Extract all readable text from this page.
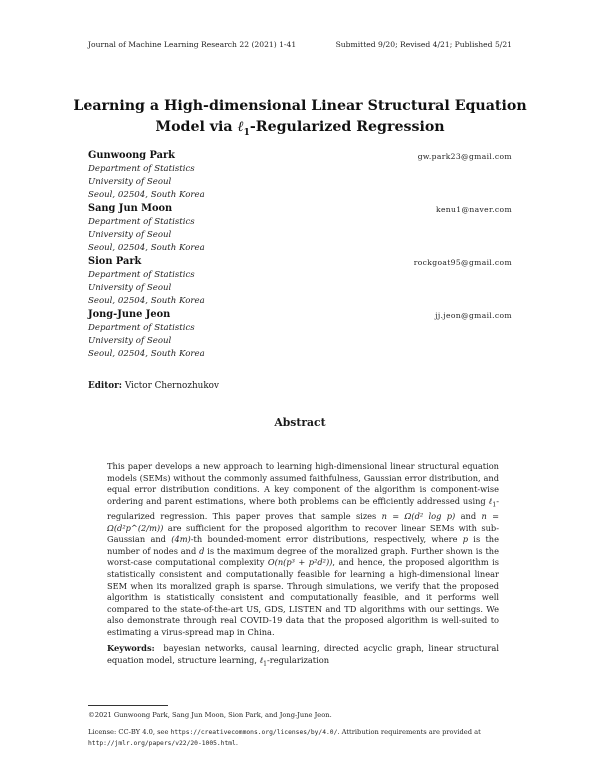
Journal of Machine Learning Research 22 (2021) 1-41	Submitted 9/20; Revised 4/21; Published 5/21
Learning a High-dimensional Linear Structural Equation
Model via ℓ$_1$-Regularized Regression
Gunwoong Park	gw.park23@gmail.com
Department of Statistics
University of Seoul
Seoul, 02504, South Korea
Sang Jun Moon	kenu1@naver.com
Department of Statistics
University of Seoul
Seoul, 02504, South Korea
Sion Park	rockgoat95@gmail.com
Department of Statistics
University of Seoul
Seoul, 02504, South Korea
Jong-June Jeon	jj.jeon@gmail.com
Department of Statistics
University of Seoul
Seoul, 02504, South Korea
Editor: Victor Chernozhukov
Abstract
This paper develops a new approach to learning high-dimensional linear structural equation models (SEMs) without the commonly assumed faithfulness, Gaussian error distribution, and equal error distribution conditions. A key component of the algorithm is component-wise ordering and parent estimations, where both problems can be efficiently addressed using ℓ$_1$-regularized regression. This paper proves that sample sizes n = Ω(d² log p) and n = Ω(d²p^(2/m)) are sufficient for the proposed algorithm to recover linear SEMs with sub-Gaussian and (4m)-th bounded-moment error distributions, respectively, where p is the number of nodes and d is the maximum degree of the moralized graph. Further shown is the worst-case computational complexity O(n(p³ + p²d²)), and hence, the proposed algorithm is statistically consistent and computationally feasible for learning a high-dimensional linear SEM when its moralized graph is sparse. Through simulations, we verify that the proposed algorithm is statistically consistent and computationally feasible, and it performs well compared to the state-of-the-art US, GDS, LISTEN and TD algorithms with our settings. We also demonstrate through real COVID-19 data that the proposed algorithm is well-suited to estimating a virus-spread map in China.
Keywords: bayesian networks, causal learning, directed acyclic graph, linear structural equation model, structure learning, ℓ$_1$-regularization
©2021 Gunwoong Park, Sang Jun Moon, Sion Park, and Jong-June Jeon.
License: CC-BY 4.0, see https://creativecommons.org/licenses/by/4.0/. Attribution requirements are provided at http://jmlr.org/papers/v22/20-1005.html.
